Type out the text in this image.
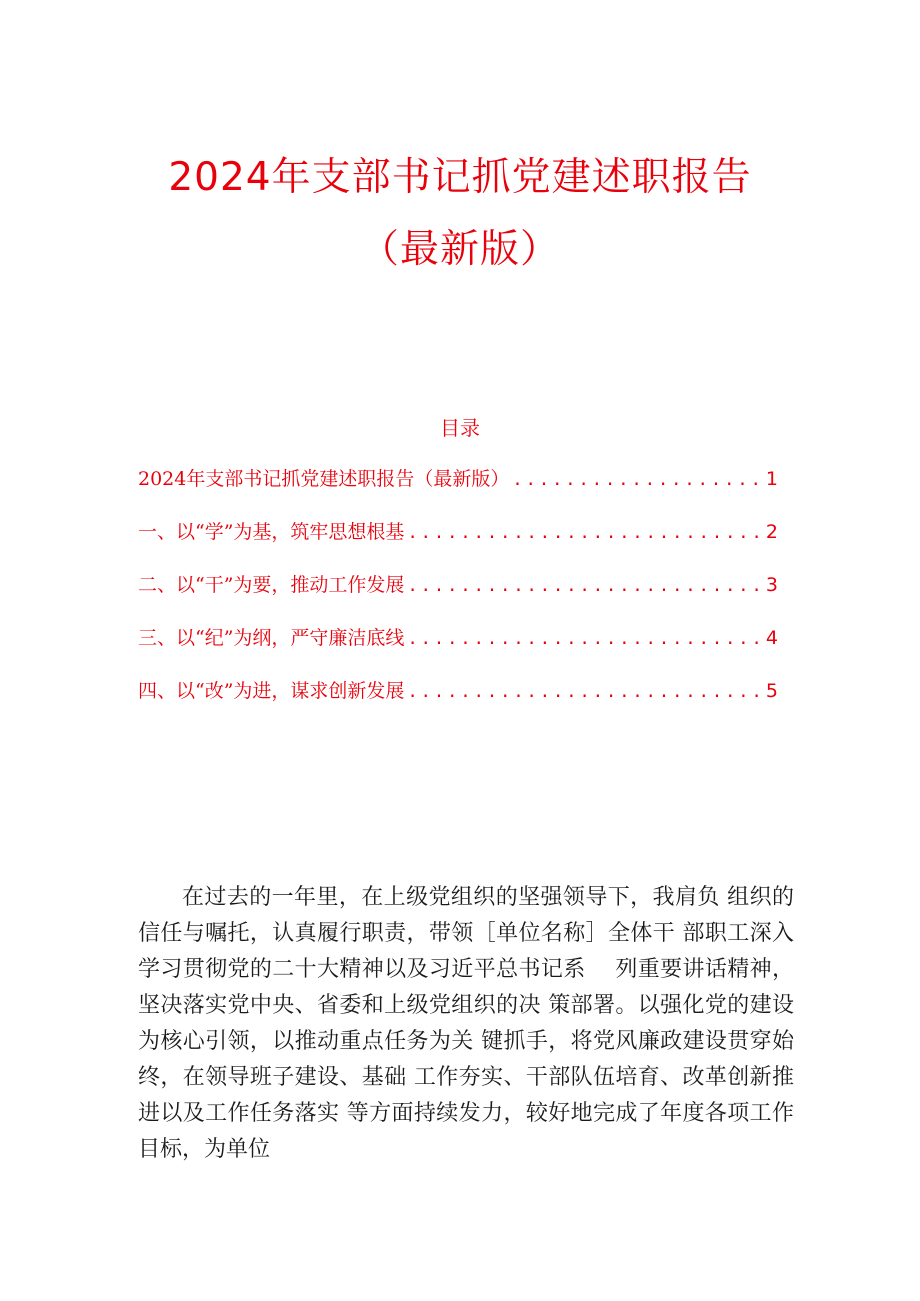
2024年支部书记抓党建述职报告
（最新版）
目录
2024年支部书记抓党建述职报告（最新版） .....	1
一、以“学”为基，筑牢思想根基 .....	2
二、以“干”为要，推动工作发展 .....	3
三、以“纪”为纲，严守廉洁底线 .....	4
四、以“改”为进，谋求创新发展 .....	5

在过去的一年里，在上级党组织的坚强领导下，我肩负 组织的信任与嘱托，认真履行职责，带领［单位名称］全体干 部职工深入学习贯彻党的二十大精神以及习近平总书记系　 列重要讲话精神，坚决落实党中央、省委和上级党组织的决 策部署。以强化党的建设为核心引领，以推动重点任务为关 键抓手，将党风廉政建设贯穿始终，在领导班子建设、基础 工作夯实、干部队伍培育、改革创新推进以及工作任务落实 等方面持续发力，较好地完成了年度各项工作目标，为单位
